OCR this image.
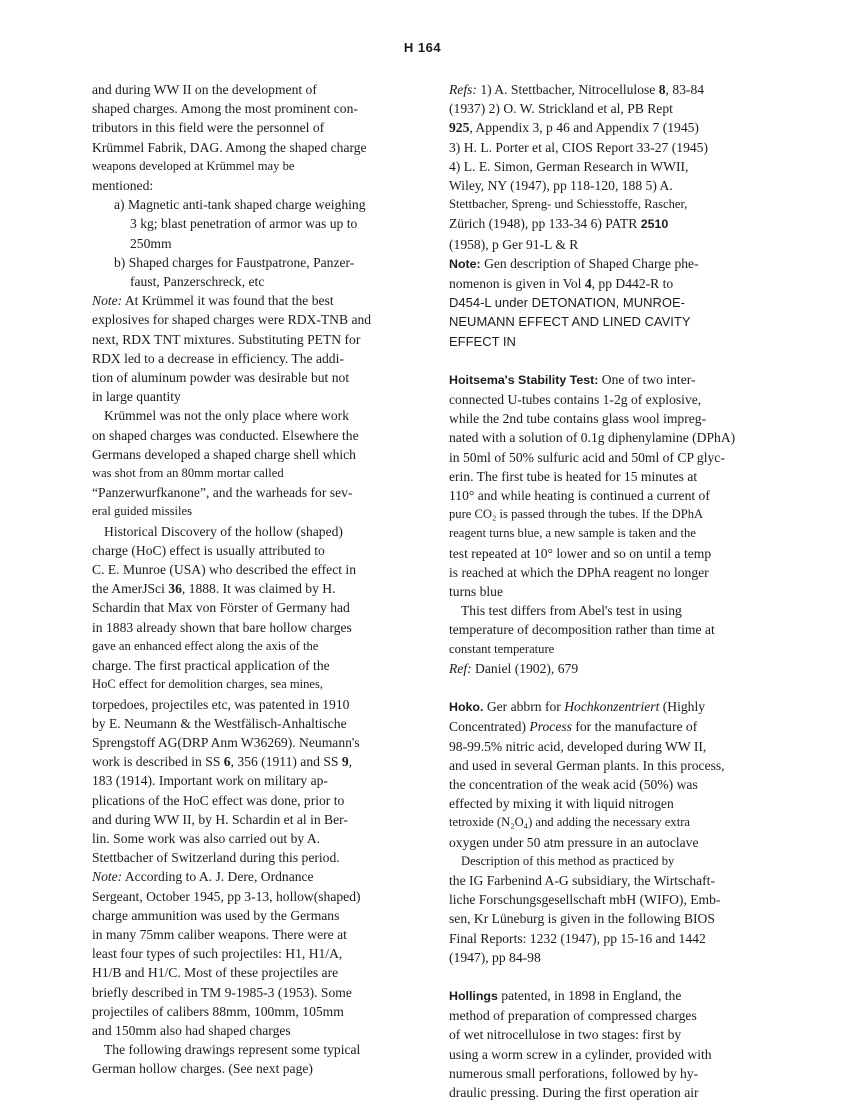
H 164
and during WW II on the development of
shaped charges. Among the most prominent con-
tributors in this field were the personnel of
Krümmel Fabrik, DAG. Among the shaped charge
weapons developed at Krümmel may be
mentioned:
a) Magnetic anti-tank shaped charge weighing
3 kg; blast penetration of armor was up to
250mm
b) Shaped charges for Faustpatrone, Panzer-
faust, Panzerschreck, etc
Note: At Krümmel it was found that the best
explosives for shaped charges were RDX-TNB and
next, RDX TNT mixtures. Substituting PETN for
RDX led to a decrease in efficiency. The addi-
tion of aluminum powder was desirable but not
in large quantity
Krümmel was not the only place where work
on shaped charges was conducted. Elsewhere the
Germans developed a shaped charge shell which
was shot from an 80mm mortar called
“Panzerwurfkanone”, and the warheads for sev-
eral guided missiles
Historical Discovery of the hollow (shaped)
charge (HoC) effect is usually attributed to
C. E. Munroe (USA) who described the effect in
the AmerJSci 36, 1888. It was claimed by H.
Schardin that Max von Förster of Germany had
in 1883 already shown that bare hollow charges
gave an enhanced effect along the axis of the
charge. The first practical application of the
HoC effect for demolition charges, sea mines,
torpedoes, projectiles etc, was patented in 1910
by E. Neumann & the Westfälisch-Anhaltische
Sprengstoff AG(DRP Anm W36269). Neumann's
work is described in SS 6, 356 (1911) and SS 9,
183 (1914). Important work on military ap-
plications of the HoC effect was done, prior to
and during WW II, by H. Schardin et al in Ber-
lin. Some work was also carried out by A.
Stettbacher of Switzerland during this period.
Note: According to A. J. Dere, Ordnance
Sergeant, October 1945, pp 3-13, hollow(shaped)
charge ammunition was used by the Germans
in many 75mm caliber weapons. There were at
least four types of such projectiles: H1, H1/A,
H1/B and H1/C. Most of these projectiles are
briefly described in TM 9-1985-3 (1953). Some
projectiles of calibers 88mm, 100mm, 105mm
and 150mm also had shaped charges
The following drawings represent some typical
German hollow charges. (See next page)
Refs: 1) A. Stettbacher, Nitrocellulose 8, 83-84
(1937) 2) O. W. Strickland et al, PB Rept
925, Appendix 3, p 46 and Appendix 7 (1945)
3) H. L. Porter et al, CIOS Report 33-27 (1945)
4) L. E. Simon, German Research in WWII,
Wiley, NY (1947), pp 118-120, 188 5) A.
Stettbacher, Spreng- und Schiesstoffe, Rascher,
Zürich (1948), pp 133-34 6) PATR 2510
(1958), p Ger 91-L & R
Note: Gen description of Shaped Charge phe-
nomenon is given in Vol 4, pp D442-R to
D454-L under DETONATION, MUNROE-
NEUMANN EFFECT AND LINED CAVITY
EFFECT IN
Hoitsema's Stability Test: One of two inter-
connected U-tubes contains 1-2g of explosive,
while the 2nd tube contains glass wool impreg-
nated with a solution of 0.1g diphenylamine (DPhA)
in 50ml of 50% sulfuric acid and 50ml of CP glyc-
erin. The first tube is heated for 15 minutes at
110° and while heating is continued a current of
pure CO₂ is passed through the tubes. If the DPhA
reagent turns blue, a new sample is taken and the
test repeated at 10° lower and so on until a temp
is reached at which the DPhA reagent no longer
turns blue
This test differs from Abel's test in using
temperature of decomposition rather than time at
constant temperature
Ref: Daniel (1902), 679
Hoko. Ger abbrn for Hochkonzentriert (Highly
Concentrated) Process for the manufacture of
98-99.5% nitric acid, developed during WW II,
and used in several German plants. In this process,
the concentration of the weak acid (50%) was
effected by mixing it with liquid nitrogen
tetroxide (N₂O₄) and adding the necessary extra
oxygen under 50 atm pressure in an autoclave
Description of this method as practiced by
the IG Farbenind A-G subsidiary, the Wirtschaft-
liche Forschungsgesellschaft mbH (WIFO), Emb-
sen, Kr Lüneburg is given in the following BIOS
Final Reports: 1232 (1947), pp 15-16 and 1442
(1947), pp 84-98
Hollings patented, in 1898 in England, the
method of preparation of compressed charges
of wet nitrocellulose in two stages: first by
using a worm screw in a cylinder, provided with
numerous small perforations, followed by hy-
draulic pressing. During the first operation air
